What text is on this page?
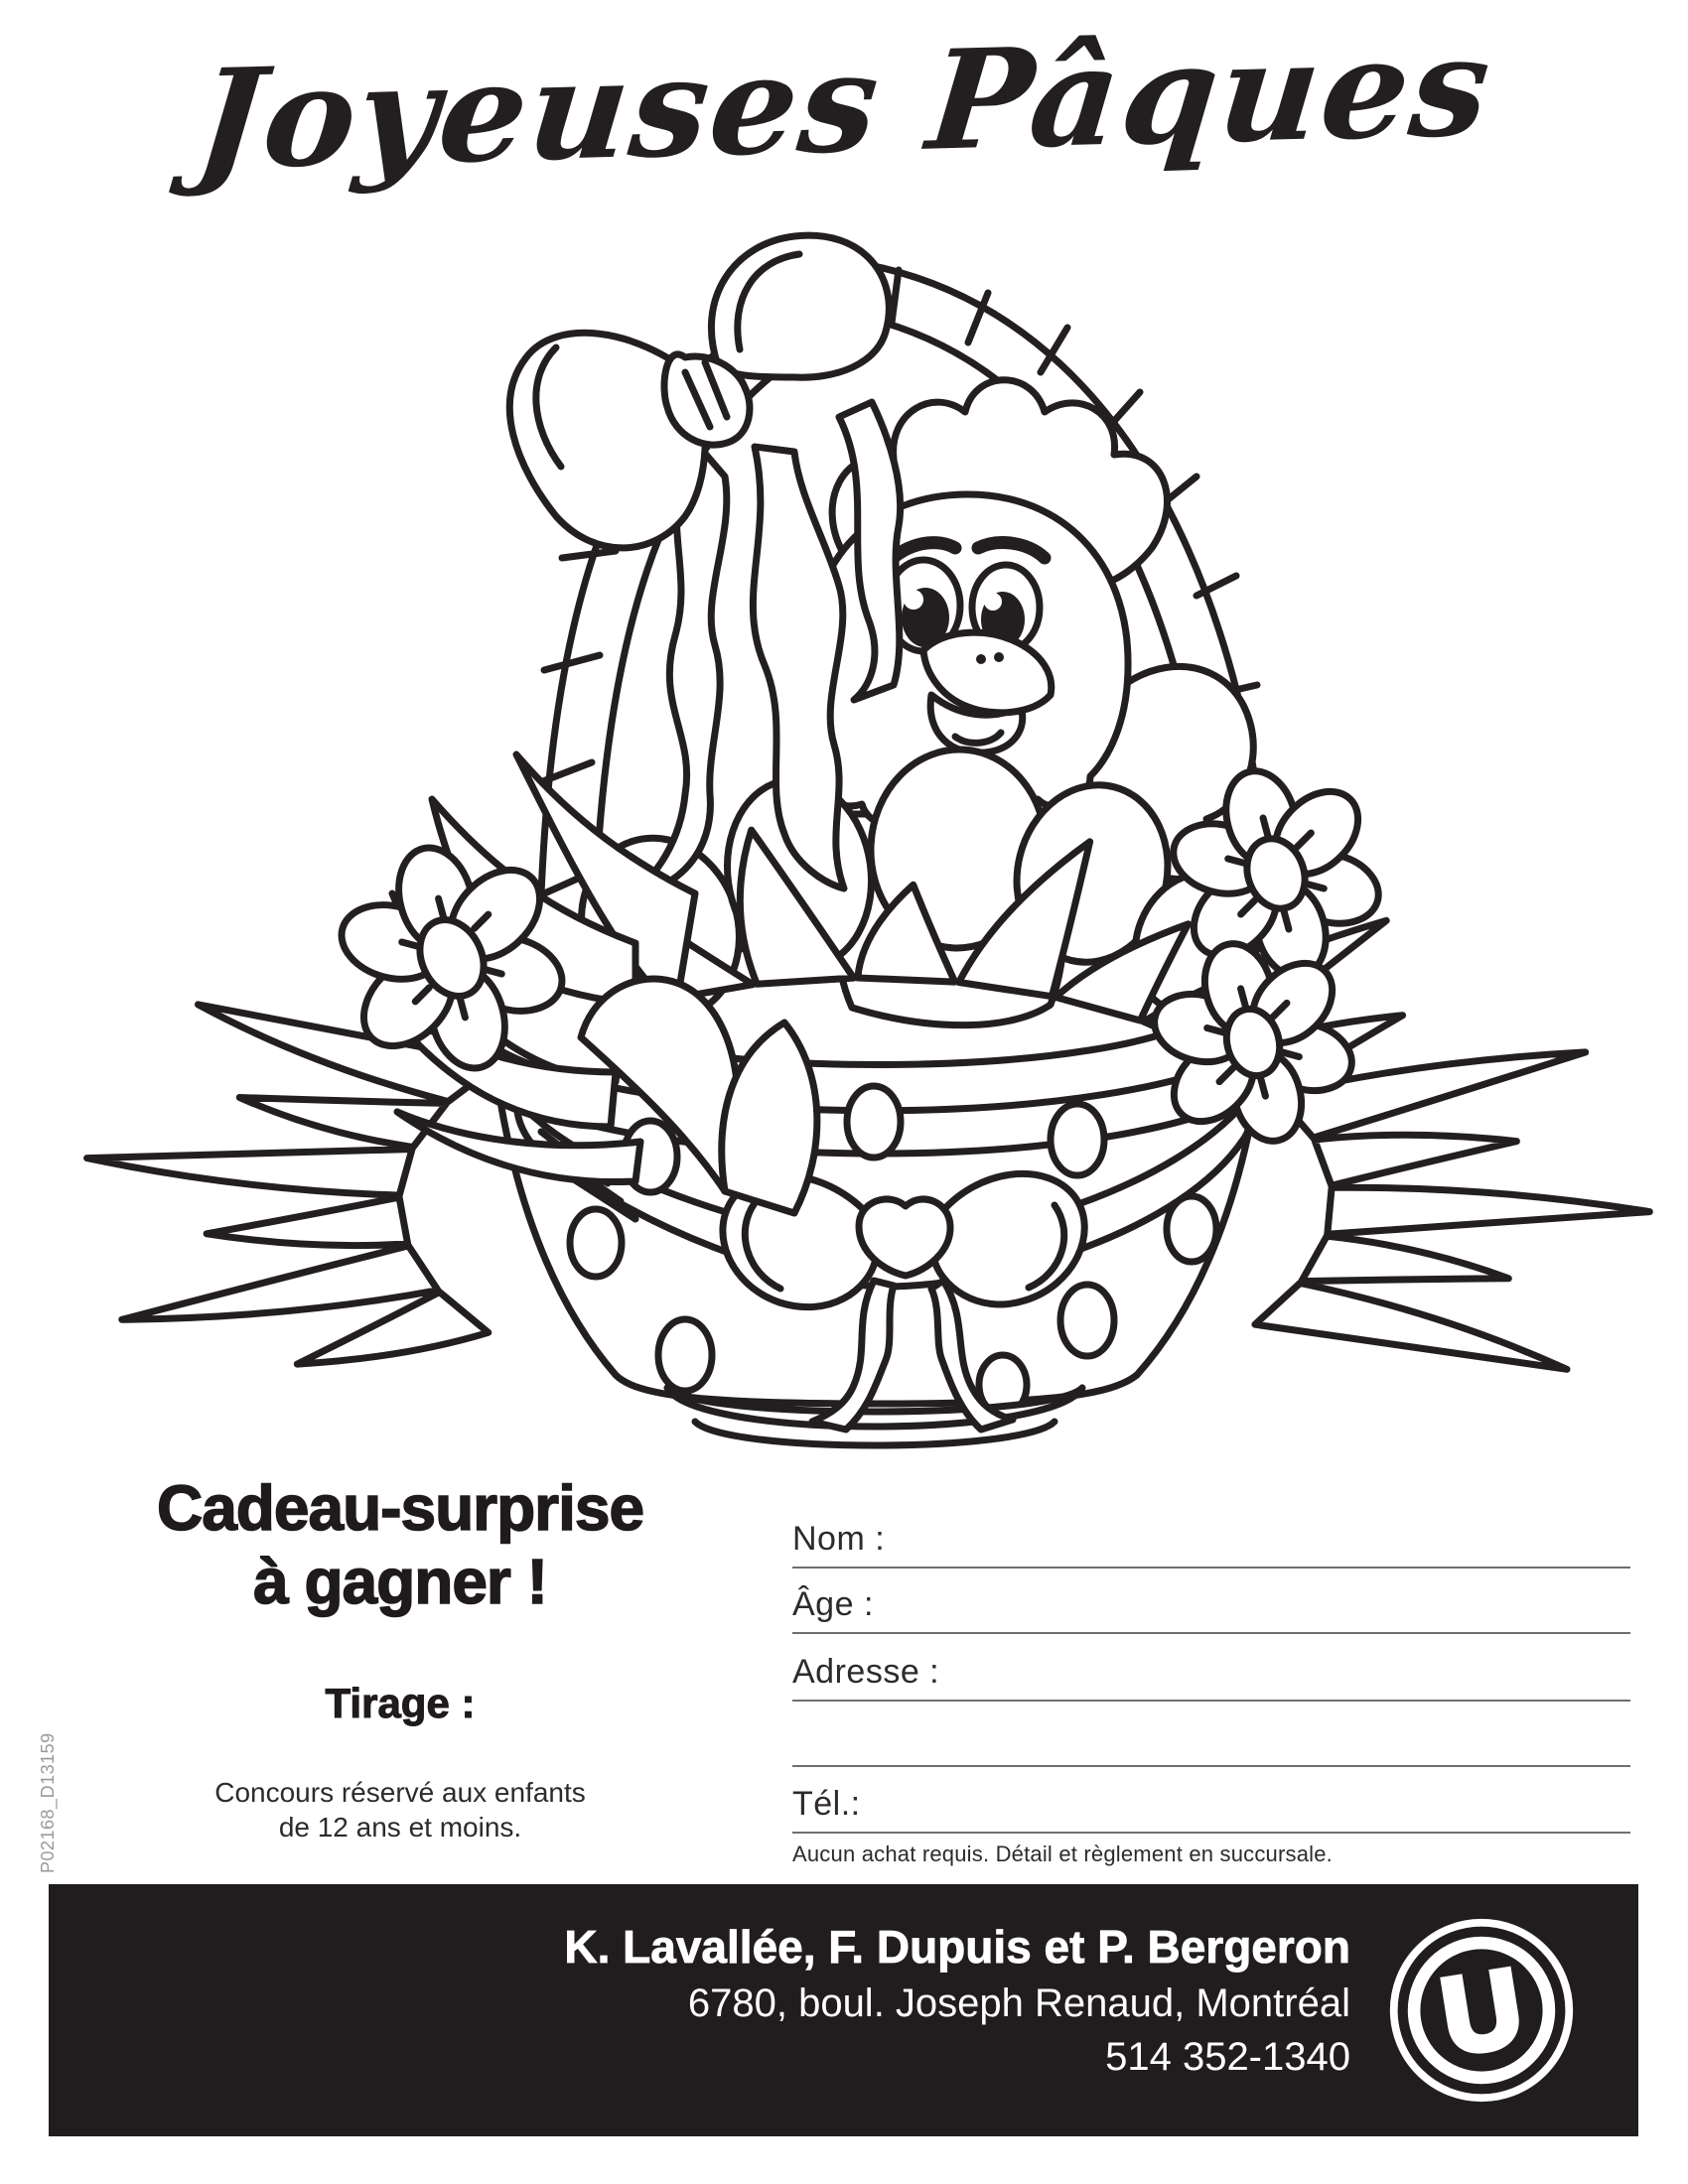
Joyeuses Pâques
Cadeau-surprise
à gagner !
Tirage :
Concours réservé aux enfants
de 12 ans et moins.
Nom :
Âge :
Adresse :
Tél.:
Aucun achat requis. Détail et règlement en succursale.
P02168_D13159
K. Lavallée, F. Dupuis et P. Bergeron
6780, boul. Joseph Renaud, Montréal
514 352-1340 U
